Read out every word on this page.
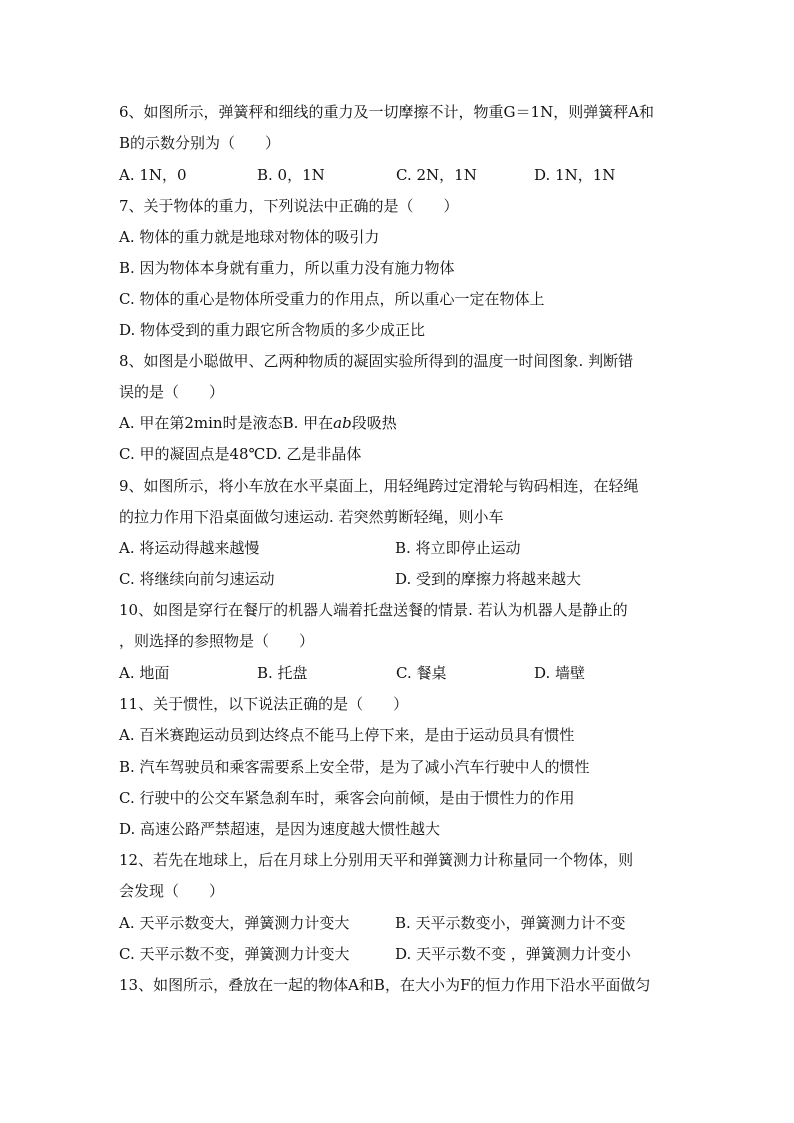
6、如图所示，弹簧秤和细线的重力及一切摩擦不计，物重G＝1N，则弹簧秤A和
B的示数分别为（　　）
A. 1N，0	B. 0，1N	C. 2N，1N	D. 1N，1N
7、关于物体的重力，下列说法中正确的是（　　）
A. 物体的重力就是地球对物体的吸引力
B. 因为物体本身就有重力，所以重力没有施力物体
C. 物体的重心是物体所受重力的作用点，所以重心一定在物体上
D. 物体受到的重力跟它所含物质的多少成正比
8、如图是小聪做甲、乙两种物质的凝固实验所得到的温度一时间图象. 判断错
误的是（　　）
A. 甲在第2min时是液态B. 甲在ab段吸热
C. 甲的凝固点是48℃D. 乙是非晶体
9、如图所示，将小车放在水平桌面上，用轻绳跨过定滑轮与钩码相连，在轻绳
的拉力作用下沿桌面做匀速运动. 若突然剪断轻绳，则小车
A. 将运动得越来越慢	B. 将立即停止运动
C. 将继续向前匀速运动	D. 受到的摩擦力将越来越大
10、如图是穿行在餐厅的机器人端着托盘送餐的情景. 若认为机器人是静止的
，则选择的参照物是（　　）
A. 地面	B. 托盘	C. 餐桌	D. 墙壁
11、关于惯性，以下说法正确的是（　　）
A. 百米赛跑运动员到达终点不能马上停下来，是由于运动员具有惯性
B. 汽车驾驶员和乘客需要系上安全带，是为了减小汽车行驶中人的惯性
C. 行驶中的公交车紧急刹车时，乘客会向前倾，是由于惯性力的作用
D. 高速公路严禁超速，是因为速度越大惯性越大
12、若先在地球上，后在月球上分别用天平和弹簧测力计称量同一个物体，则
会发现（　　）
A. 天平示数变大，弹簧测力计变大	B. 天平示数变小，弹簧测力计不变
C. 天平示数不变，弹簧测力计变大	D. 天平示数不变 ，弹簧测力计变小
13、如图所示，叠放在一起的物体A和B，在大小为F的恒力作用下沿水平面做匀
